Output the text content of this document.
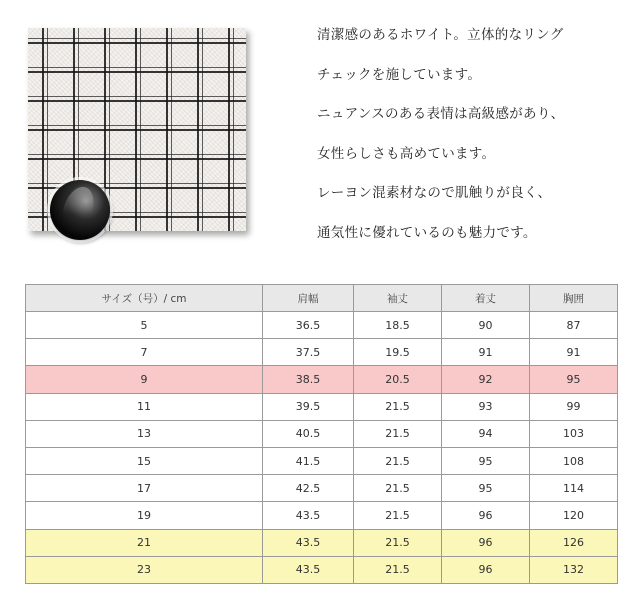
清潔感のあるホワイト。立体的なリング
チェックを施しています。
ニュアンスのある表情は高級感があり、
女性らしさも高めています。
レーヨン混素材なので肌触りが良く、
通気性に優れているのも魅力です。
サイズ（号）/ cm	肩幅	袖丈	着丈	胸囲
5	36.5	18.5	90	87
7	37.5	19.5	91	91
9	38.5	20.5	92	95
11	39.5	21.5	93	99
13	40.5	21.5	94	103
15	41.5	21.5	95	108
17	42.5	21.5	95	114
19	43.5	21.5	96	120
21	43.5	21.5	96	126
23	43.5	21.5	96	132
